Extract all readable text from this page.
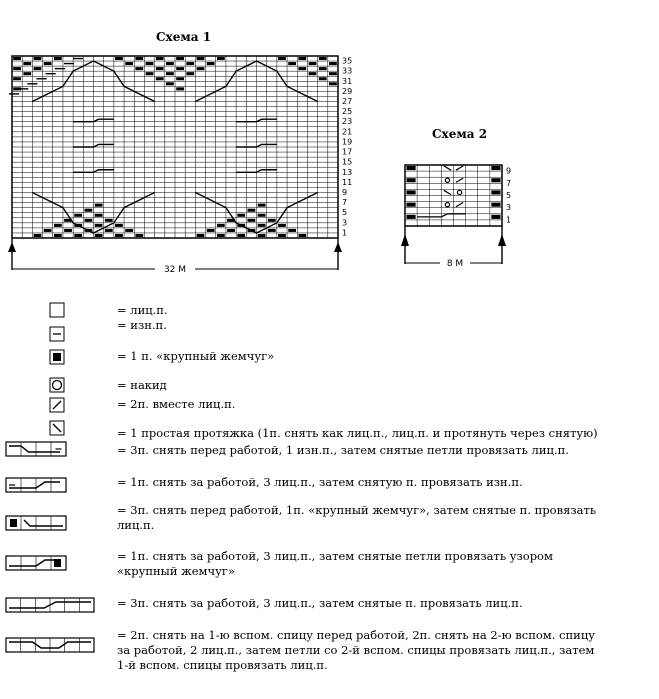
Схема 1
35
33
31
29
27
25
23
21
19
17
15
13
11
9
7
5
3
1
32 М
Схема 2
9
7
5
3
1
8 М
= лиц.п.
= изн.п.
= 1 п. «крупный жемчуг»
= накид
= 2п. вместе лиц.п.
= 1 простая протяжка (1п. снять как лиц.п., лиц.п. и протянуть через снятую)
= 3п. снять перед работой, 1 изн.п., затем снятые петли провязать лиц.п.
= 1п. снять за работой, 3 лиц.п., затем снятую п. провязать изн.п.
= 3п. снять перед работой, 1п. «крупный жемчуг», затем снятые п. провязать лиц.п.
= 1п. снять за работой, 3 лиц.п., затем снятые петли провязать узором «крупный жемчуг»
= 3п. снять за работой, 3 лиц.п., затем снятые п. провязать лиц.п.
= 2п. снять на 1-ю вспом. спицу перед работой, 2п. снять на 2-ю вспом. спицу за работой, 2 лиц.п., затем петли со 2-й вспом. спицы провязать лиц.п., затем 1-й вспом. спицы провязать лиц.п.
